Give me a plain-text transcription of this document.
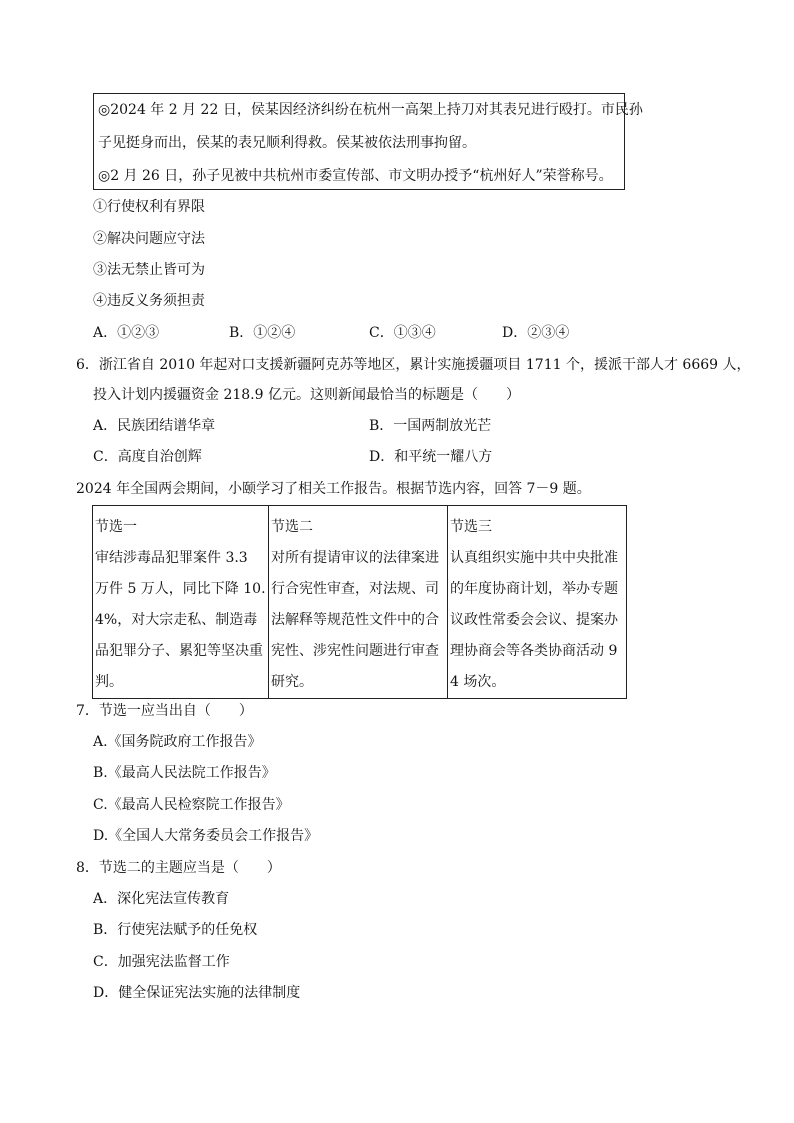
◎2024 年 2 月 22 日，侯某因经济纠纷在杭州一高架上持刀对其表兄进行殴打。市民孙
子见挺身而出，侯某的表兄顺利得救。侯某被依法刑事拘留。
◎2 月 26 日，孙子见被中共杭州市委宣传部、市文明办授予“杭州好人”荣誉称号。
①行使权利有界限
②解决问题应守法
③法无禁止皆可为
④违反义务须担责
A．①②③	B．①②④	C．①③④	D．②③④
6．浙江省自 2010 年起对口支援新疆阿克苏等地区，累计实施援疆项目 1711 个，援派干部人才 6669 人，
投入计划内援疆资金 218.9 亿元。这则新闻最恰当的标题是（　　）
A．民族团结谱华章	B．一国两制放光芒
C．高度自治创辉	D．和平统一耀八方
2024 年全国两会期间，小颐学习了相关工作报告。根据节选内容，回答 7－9 题。
节选一
审结涉毒品犯罪案件 3.3 万件 5 万人，同比下降 10.4%，对大宗走私、制造毒品犯罪分子、累犯等坚决重判。	
节选二
对所有提请审议的法律案进行合宪性审查，对法规、司法解释等规范性文件中的合宪性、涉宪性问题进行审查研究。	
节选三
认真组织实施中共中央批准的年度协商计划，举办专题议政性常委会会议、提案办理协商会等各类协商活动 94 场次。
7．节选一应当出自（　　）
A.《国务院政府工作报告》
B.《最高人民法院工作报告》
C.《最高人民检察院工作报告》
D.《全国人大常务委员会工作报告》
8．节选二的主题应当是（　　）
A．深化宪法宣传教育
B．行使宪法赋予的任免权
C．加强宪法监督工作
D．健全保证宪法实施的法律制度
